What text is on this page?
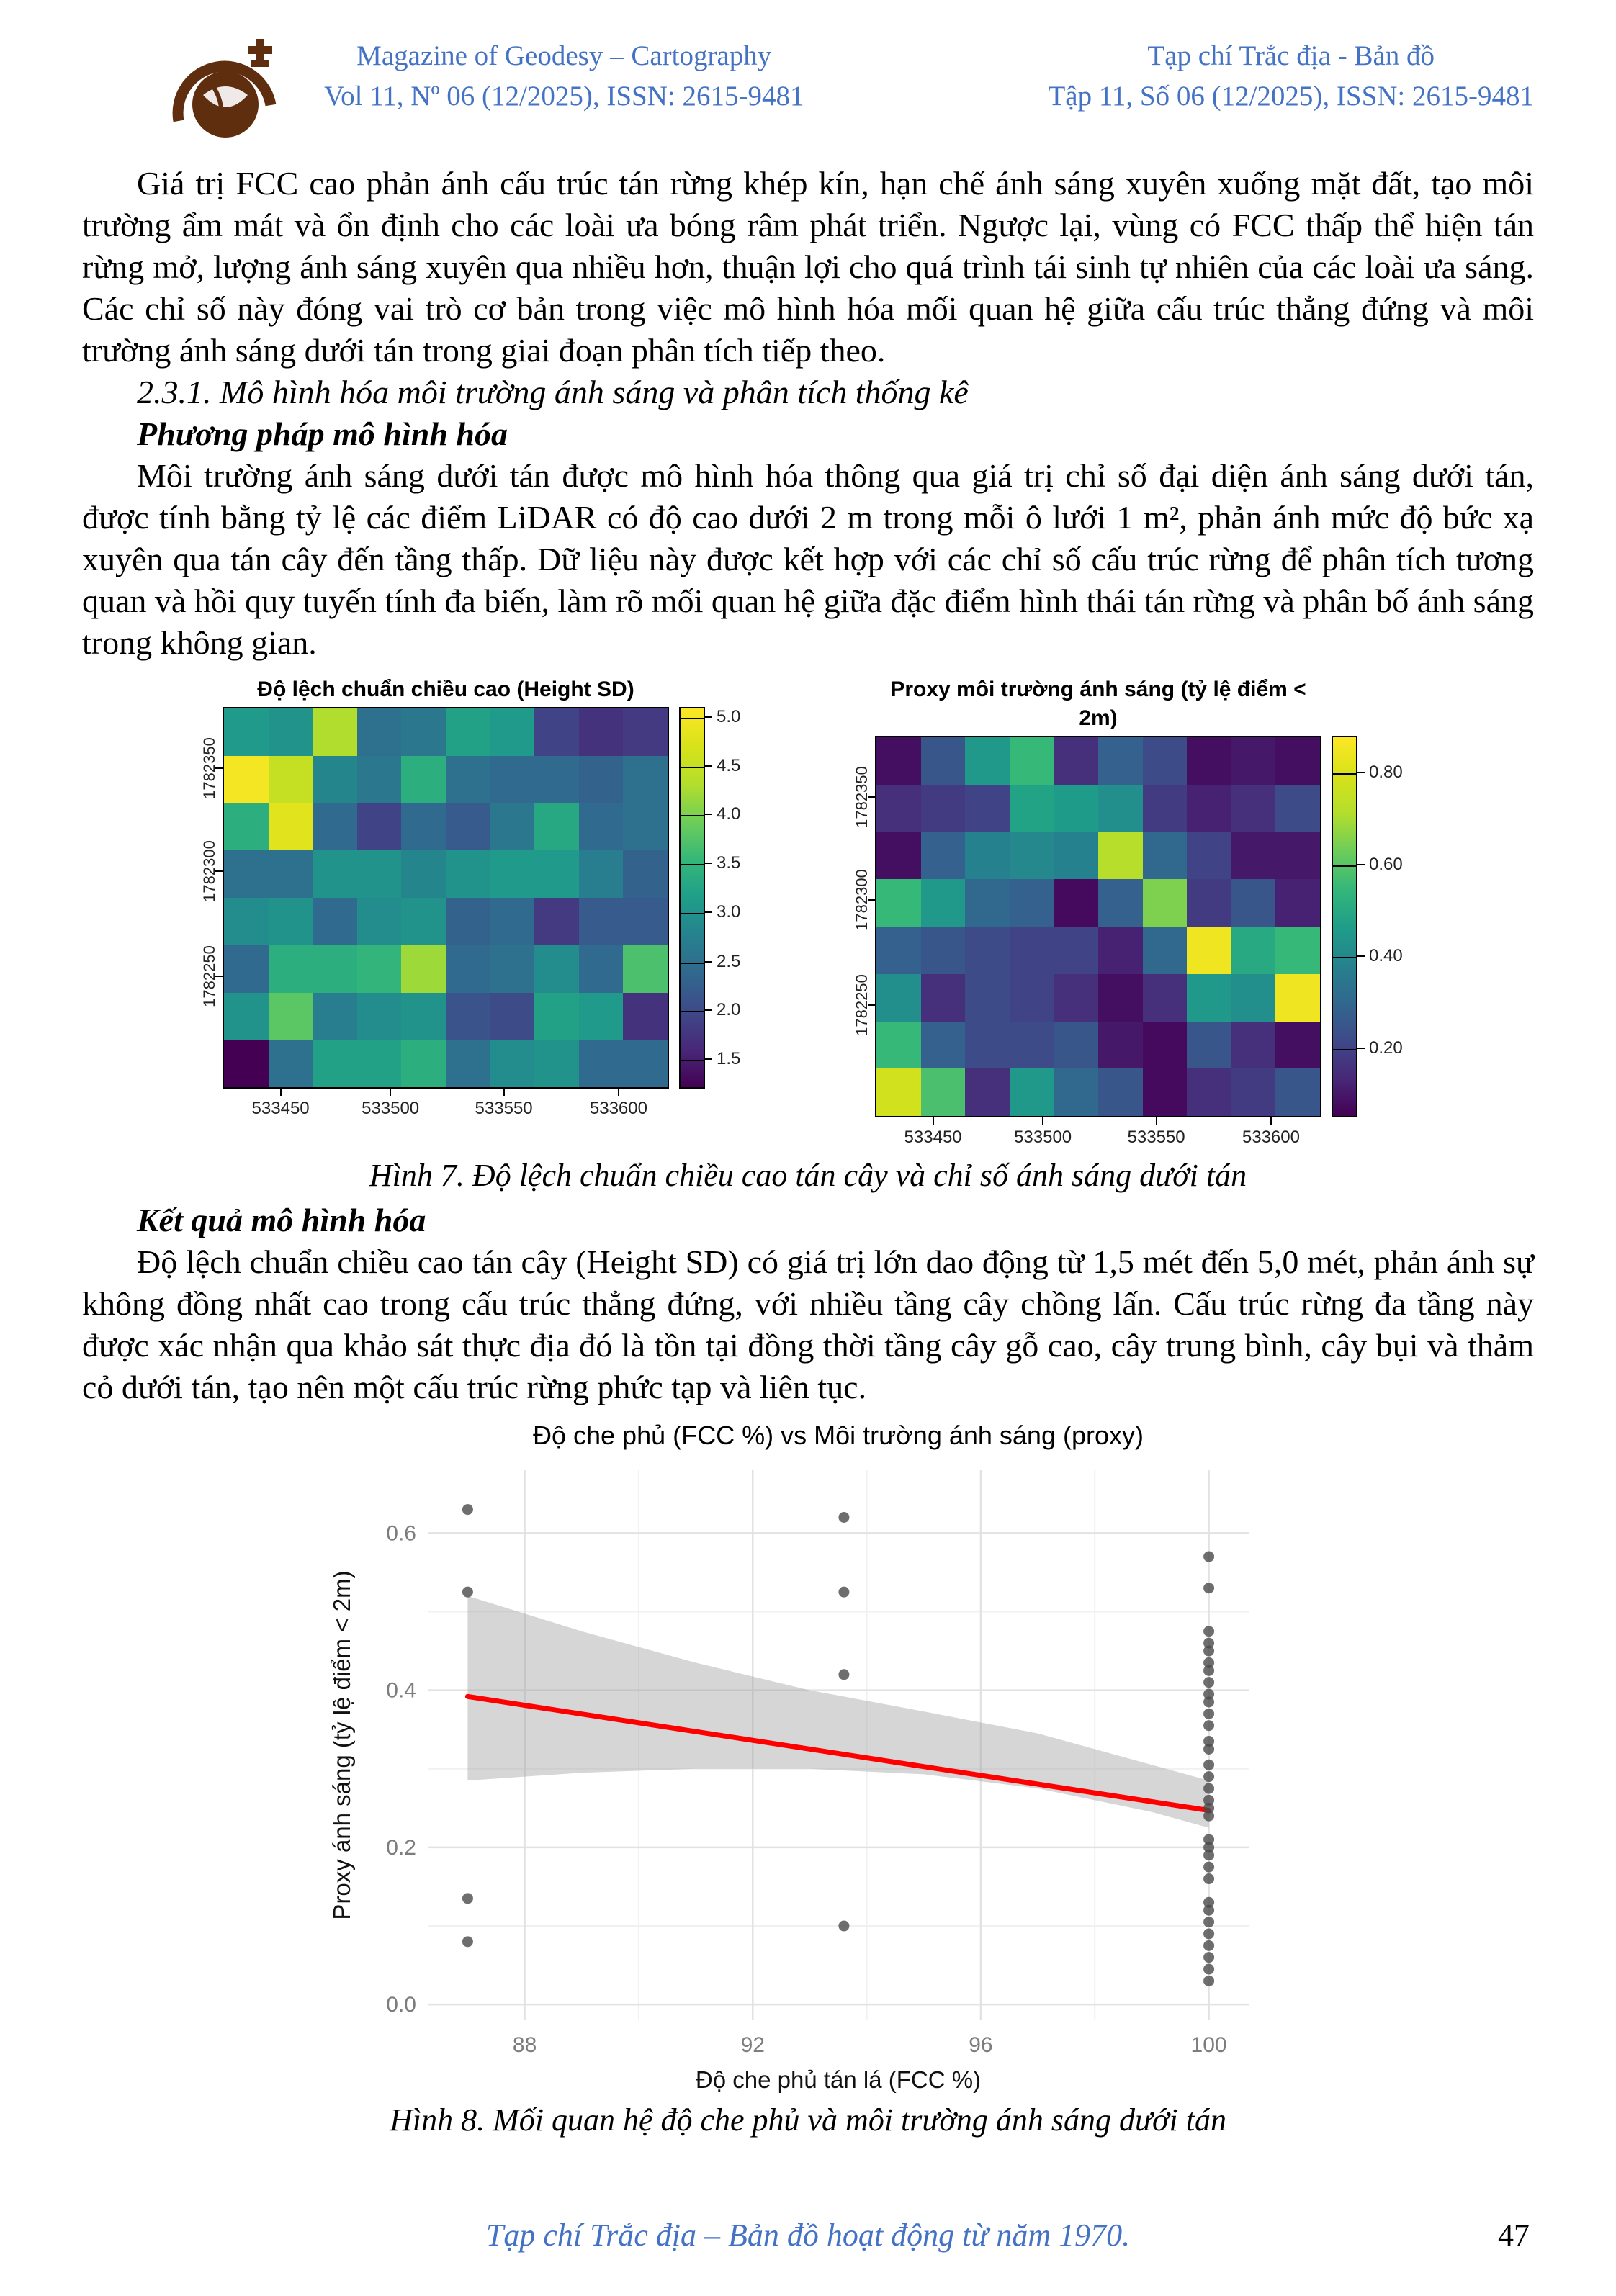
Magazine of Geodesy – Cartography
Vol 11, Nº 06 (12/2025), ISSN: 2615-9481
Tạp chí Trắc địa - Bản đồ
Tập 11, Số 06 (12/2025), ISSN: 2615-9481

Giá trị FCC cao phản ánh cấu trúc tán rừng khép kín, hạn chế ánh sáng xuyên xuống mặt đất, tạo môi trường ẩm mát và ổn định cho các loài ưa bóng râm phát triển. Ngược lại, vùng có FCC thấp thể hiện tán rừng mở, lượng ánh sáng xuyên qua nhiều hơn, thuận lợi cho quá trình tái sinh tự nhiên của các loài ưa sáng. Các chỉ số này đóng vai trò cơ bản trong việc mô hình hóa mối quan hệ giữa cấu trúc thẳng đứng và môi trường ánh sáng dưới tán trong giai đoạn phân tích tiếp theo.

2.3.1. Mô hình hóa môi trường ánh sáng và phân tích thống kê

Phương pháp mô hình hóa

Môi trường ánh sáng dưới tán được mô hình hóa thông qua giá trị chỉ số đại diện ánh sáng dưới tán, được tính bằng tỷ lệ các điểm LiDAR có độ cao dưới 2 m trong mỗi ô lưới 1 m², phản ánh mức độ bức xạ xuyên qua tán cây đến tầng thấp. Dữ liệu này được kết hợp với các chỉ số cấu trúc rừng để phân tích tương quan và hồi quy tuyến tính đa biến, làm rõ mối quan hệ giữa đặc điểm hình thái tán rừng và phân bố ánh sáng trong không gian.

Độ lệch chuẩn chiều cao (Height SD)
1782350
1782300
1782250
5.0
4.5
4.0
3.5
3.0
2.5
2.0
1.5
533450	533500	533550	533600
Proxy môi trường ánh sáng (tỷ lệ điểm < 2m)
1782350
1782300
1782250
0.80
0.60
0.40
0.20
533450	533500	533550	533600

Hình 7. Độ lệch chuẩn chiều cao tán cây và chỉ số ánh sáng dưới tán

Kết quả mô hình hóa

Độ lệch chuẩn chiều cao tán cây (Height SD) có giá trị lớn dao động từ 1,5 mét đến 5,0 mét, phản ánh sự không đồng nhất cao trong cấu trúc thẳng đứng, với nhiều tầng cây chồng lấn. Cấu trúc rừng đa tầng này được xác nhận qua khảo sát thực địa đó là tồn tại đồng thời tầng cây gỗ cao, cây trung bình, cây bụi và thảm cỏ dưới tán, tạo nên một cấu trúc rừng phức tạp và liên tục.

88	92	96	100
0.0
0.2
0.4
0.6
Độ che phủ tán lá (FCC %)
Proxy ánh sáng (tỷ lệ điểm < 2m)
Độ che phủ (FCC %) vs Môi trường ánh sáng (proxy)

Hình 8. Mối quan hệ độ che phủ và môi trường ánh sáng dưới tán

Tạp chí Trắc địa – Bản đồ hoạt động từ năm 1970.	47
